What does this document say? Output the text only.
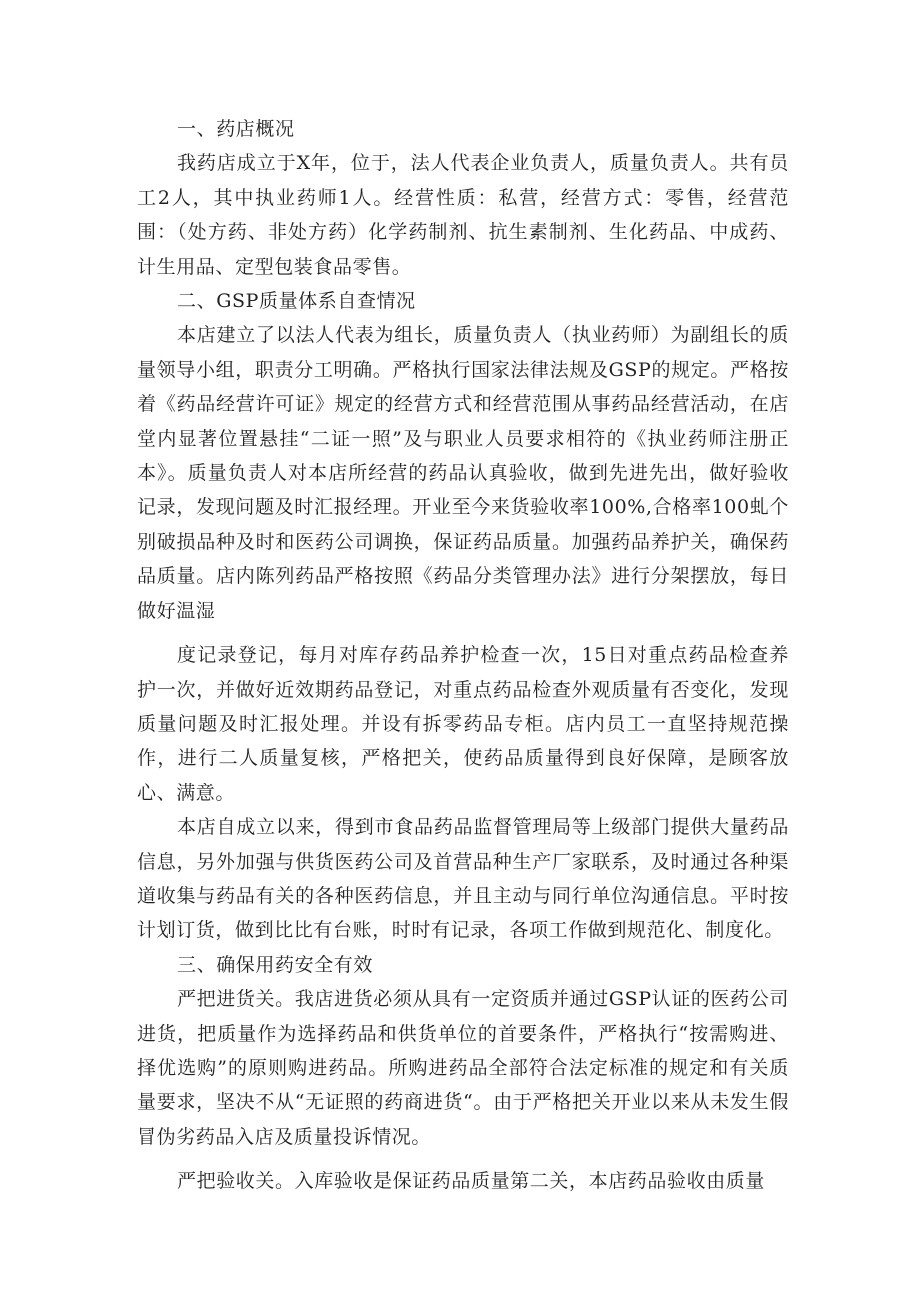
一、药店概况

我药店成立于X年，位于，法人代表企业负责人，质量负责人。共有员工2人，其中执业药师1人。经营性质：私营，经营方式：零售，经营范围：（处方药、非处方药）化学药制剂、抗生素制剂、生化药品、中成药、计生用品、定型包装食品零售。

二、GSP质量体系自查情况

本店建立了以法人代表为组长，质量负责人（执业药师）为副组长的质量领导小组，职责分工明确。严格执行国家法律法规及GSP的规定。严格按着《药品经营许可证》规定的经营方式和经营范围从事药品经营活动，在店堂内显著位置悬挂“二证一照”及与职业人员要求相符的《执业药师注册正本》。质量负责人对本店所经营的药品认真验收，做到先进先出，做好验收记录，发现问题及时汇报经理。开业至今来货验收率100%,合格率100虬个别破损品种及时和医药公司调换，保证药品质量。加强药品养护关，确保药品质量。店内陈列药品严格按照《药品分类管理办法》进行分架摆放，每日做好温湿

度记录登记，每月对库存药品养护检查一次，15日对重点药品检查养护一次，并做好近效期药品登记，对重点药品检查外观质量有否变化，发现质量问题及时汇报处理。并设有拆零药品专柜。店内员工一直坚持规范操作，进行二人质量复核，严格把关，使药品质量得到良好保障，是顾客放心、满意。

本店自成立以来，得到市食品药品监督管理局等上级部门提供大量药品信息，另外加强与供货医药公司及首营品种生产厂家联系，及时通过各种渠道收集与药品有关的各种医药信息，并且主动与同行单位沟通信息。平时按计划订货，做到比比有台账，时时有记录，各项工作做到规范化、制度化。

三、确保用药安全有效

严把进货关。我店进货必须从具有一定资质并通过GSP认证的医药公司进货，把质量作为选择药品和供货单位的首要条件，严格执行“按需购进、择优选购”的原则购进药品。所购进药品全部符合法定标准的规定和有关质量要求，坚决不从“无证照的药商进货“。由于严格把关开业以来从未发生假冒伪劣药品入店及质量投诉情况。

严把验收关。入库验收是保证药品质量第二关，本店药品验收由质量
